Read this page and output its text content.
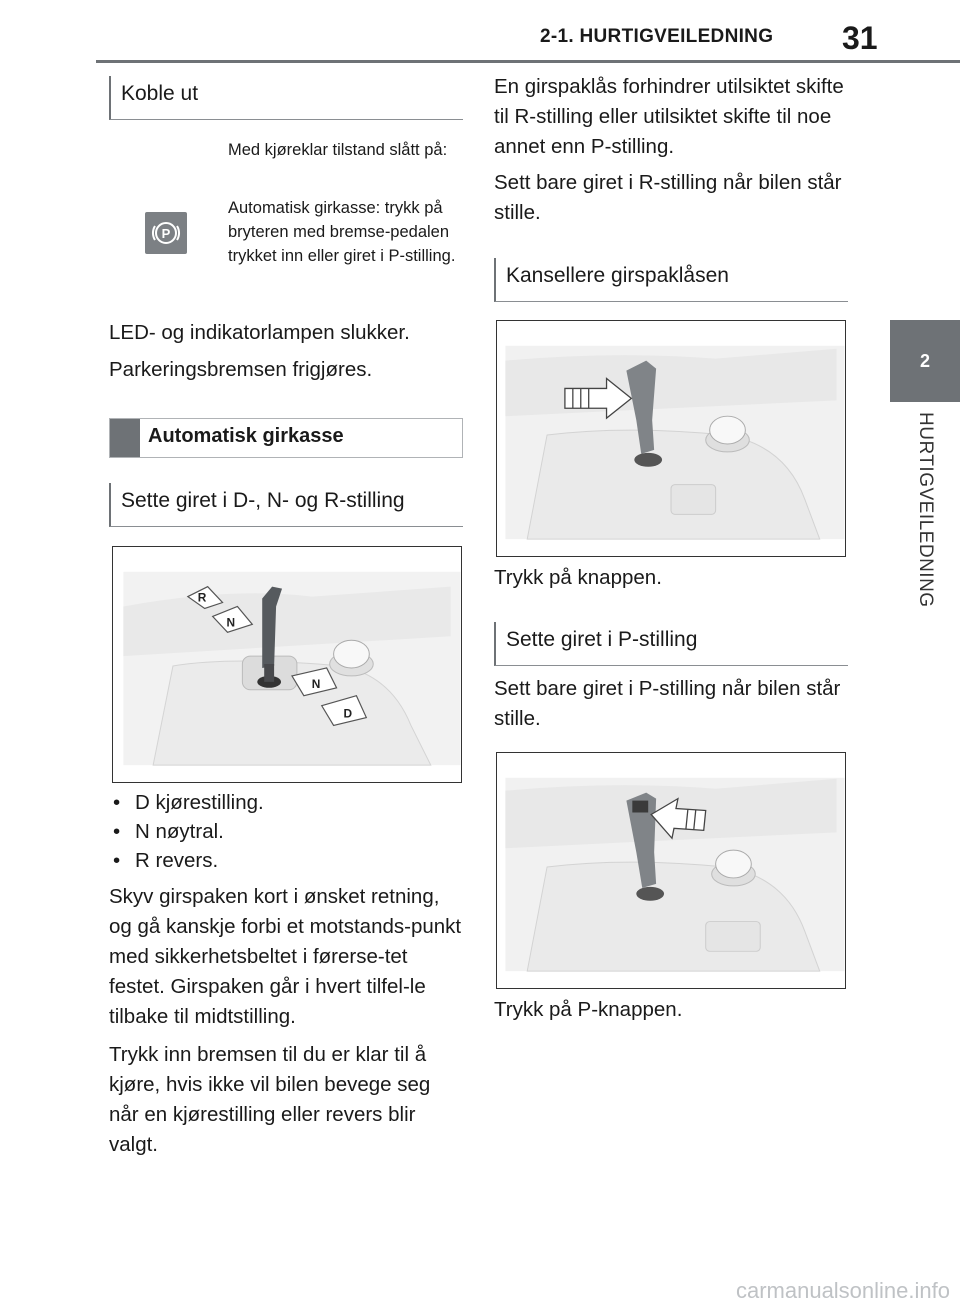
2-1. HURTIGVEILEDNING 31
2
HURTIGVEILEDNING
Koble ut
P
Med kjøreklar tilstand slått på:
Automatisk girkasse: trykk på bryteren med bremse-pedalen trykket inn eller giret i P-stilling.
LED- og indikatorlampen slukker.
Parkeringsbremsen frigjøres.
Automatisk girkasse
Sette giret i D-, N- og R-stilling
R
N
N
D
• D kjørestilling.
• N nøytral.
• R revers.
Skyv girspaken kort i ønsket retning, og gå kanskje forbi et motstands-punkt med sikkerhetsbeltet i førerse-tet festet. Girspaken går i hvert tilfel-le tilbake til midtstilling.
Trykk inn bremsen til du er klar til å kjøre, hvis ikke vil bilen bevege seg når en kjørestilling eller revers blir valgt.
En girspaklås forhindrer utilsiktet skifte til R-stilling eller utilsiktet skifte til noe annet enn P-stilling.
Sett bare giret i R-stilling når bilen står stille.
Kansellere girspaklåsen
Trykk på knappen.
Sette giret i P-stilling
Sett bare giret i P-stilling når bilen står stille.
Trykk på P-knappen.
carmanualsonline.info
